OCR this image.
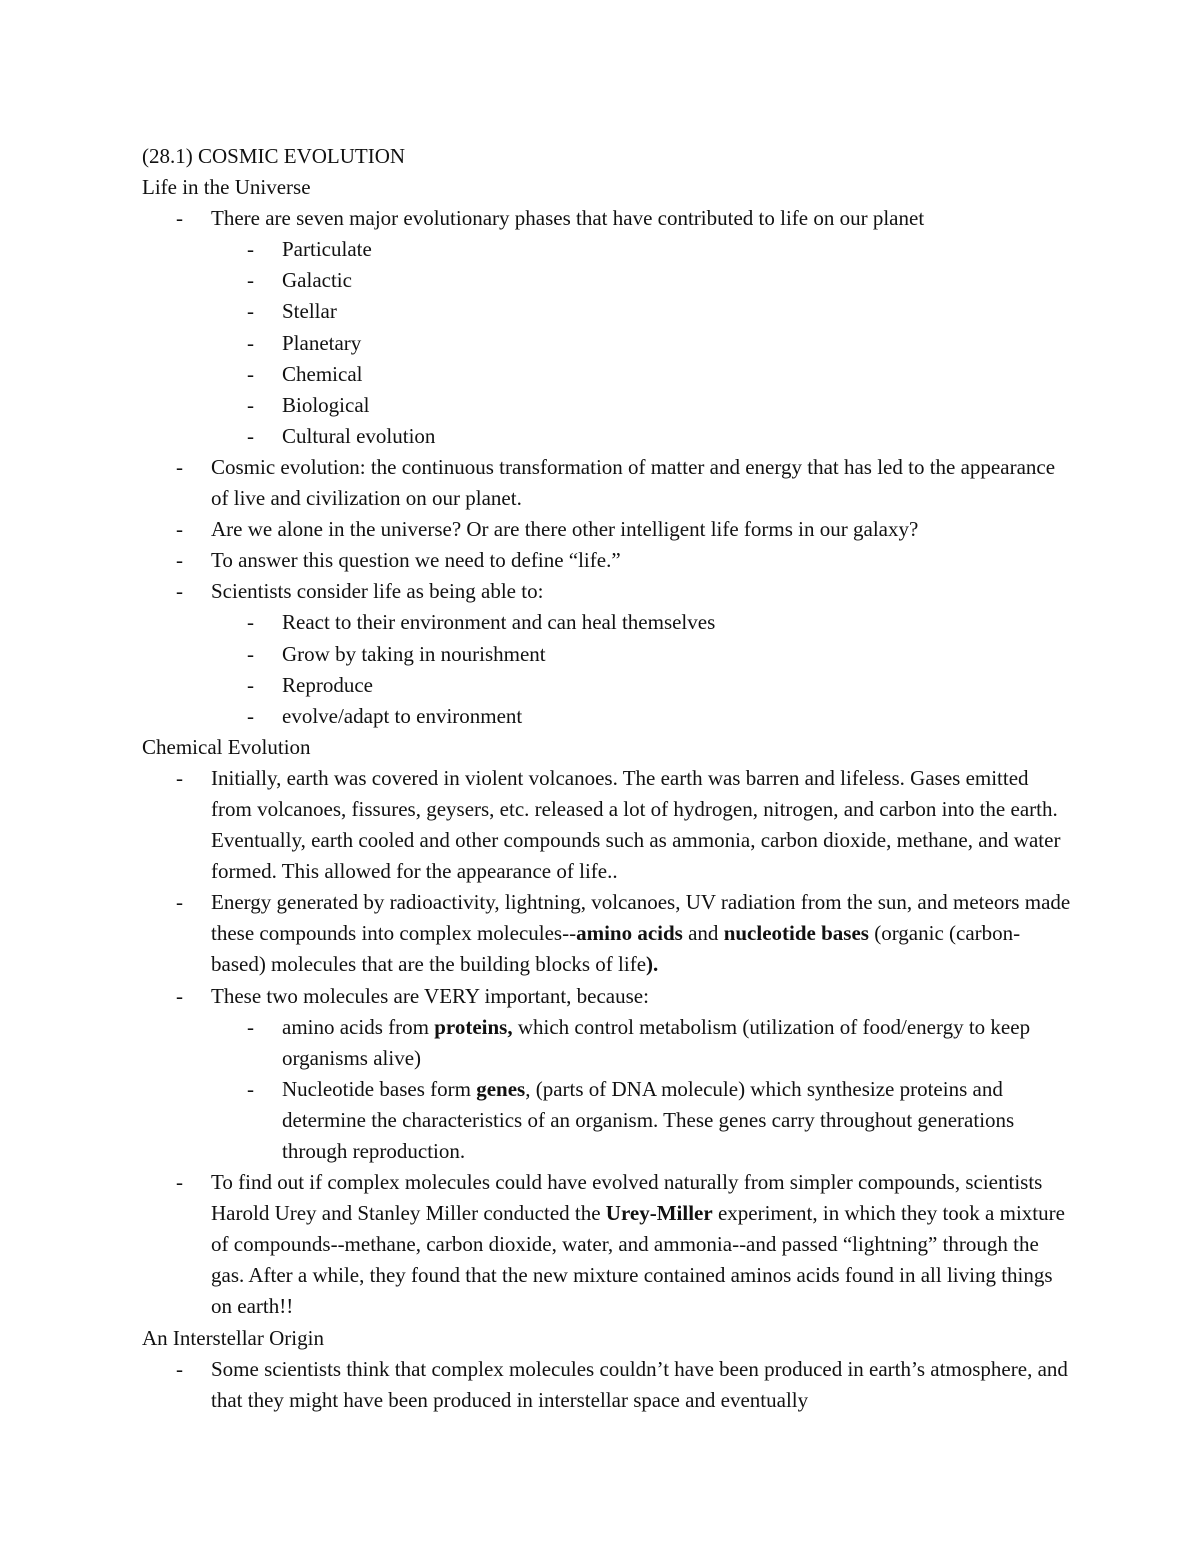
(28.1) COSMIC EVOLUTION
Life in the Universe
- There are seven major evolutionary phases that have contributed to life on our planet
- Particulate
- Galactic
- Stellar
- Planetary
- Chemical
- Biological
- Cultural evolution
- Cosmic evolution: the continuous transformation of matter and energy that has led to the appearance of live and civilization on our planet.
- Are we alone in the universe? Or are there other intelligent life forms in our galaxy?
- To answer this question we need to define “life.”
- Scientists consider life as being able to:
- React to their environment and can heal themselves
- Grow by taking in nourishment
- Reproduce
- evolve/adapt to environment
Chemical Evolution
- Initially, earth was covered in violent volcanoes. The earth was barren and lifeless. Gases emitted from volcanoes, fissures, geysers, etc. released a lot of hydrogen, nitrogen, and carbon into the earth. Eventually, earth cooled and other compounds such as ammonia, carbon dioxide, methane, and water formed. This allowed for the appearance of life..
- Energy generated by radioactivity, lightning, volcanoes, UV radiation from the sun, and meteors made these compounds into complex molecules--amino acids and nucleotide bases (organic (carbon-based) molecules that are the building blocks of life).
- These two molecules are VERY important, because:
- amino acids from proteins, which control metabolism (utilization of food/energy to keep organisms alive)
- Nucleotide bases form genes, (parts of DNA molecule) which synthesize proteins and determine the characteristics of an organism. These genes carry throughout generations through reproduction.
- To find out if complex molecules could have evolved naturally from simpler compounds, scientists Harold Urey and Stanley Miller conducted the Urey-Miller experiment, in which they took a mixture of compounds--methane, carbon dioxide, water, and ammonia--and passed “lightning” through the gas. After a while, they found that the new mixture contained aminos acids found in all living things on earth!!
An Interstellar Origin
- Some scientists think that complex molecules couldn’t have been produced in earth’s atmosphere, and that they might have been produced in interstellar space and eventually
